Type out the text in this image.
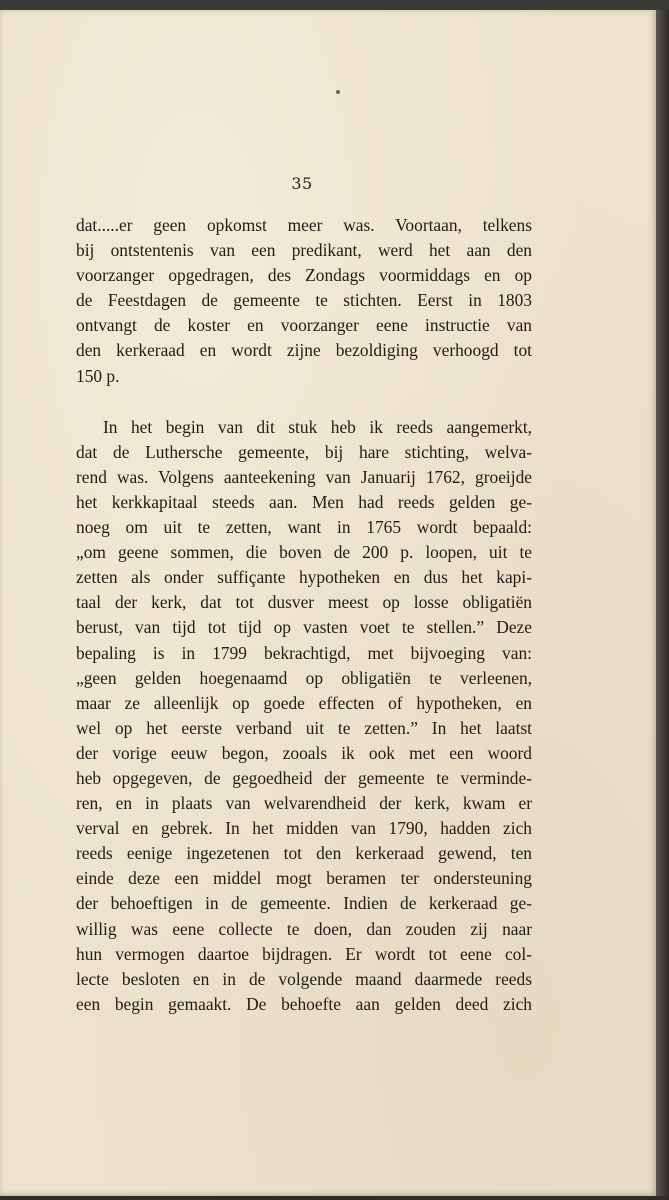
35
dat.....er geen opkomst meer was. Voortaan, telkens
bij ontstentenis van een predikant, werd het aan den
voorzanger opgedragen, des Zondags voormiddags en op
de Feestdagen de gemeente te stichten. Eerst in 1803
ontvangt de koster en voorzanger eene instructie van
den kerkeraad en wordt zijne bezoldiging verhoogd tot
150 p.
In het begin van dit stuk heb ik reeds aangemerkt,
dat de Luthersche gemeente, bij hare stichting, welva-
rend was. Volgens aanteekening van Januarij 1762, groeijde
het kerkkapitaal steeds aan. Men had reeds gelden ge-
noeg om uit te zetten, want in 1765 wordt bepaald:
„om geene sommen, die boven de 200 p. loopen, uit te
zetten als onder suffiçante hypotheken en dus het kapi-
taal der kerk, dat tot dusver meest op losse obligatiën
berust, van tijd tot tijd op vasten voet te stellen.” Deze
bepaling is in 1799 bekrachtigd, met bijvoeging van:
„geen gelden hoegenaamd op obligatiën te verleenen,
maar ze alleenlijk op goede effecten of hypotheken, en
wel op het eerste verband uit te zetten.” In het laatst
der vorige eeuw begon, zooals ik ook met een woord
heb opgegeven, de gegoedheid der gemeente te verminde-
ren, en in plaats van welvarendheid der kerk, kwam er
verval en gebrek. In het midden van 1790, hadden zich
reeds eenige ingezetenen tot den kerkeraad gewend, ten
einde deze een middel mogt beramen ter ondersteuning
der behoeftigen in de gemeente. Indien de kerkeraad ge-
willig was eene collecte te doen, dan zouden zij naar
hun vermogen daartoe bijdragen. Er wordt tot eene col-
lecte besloten en in de volgende maand daarmede reeds
een begin gemaakt. De behoefte aan gelden deed zich
